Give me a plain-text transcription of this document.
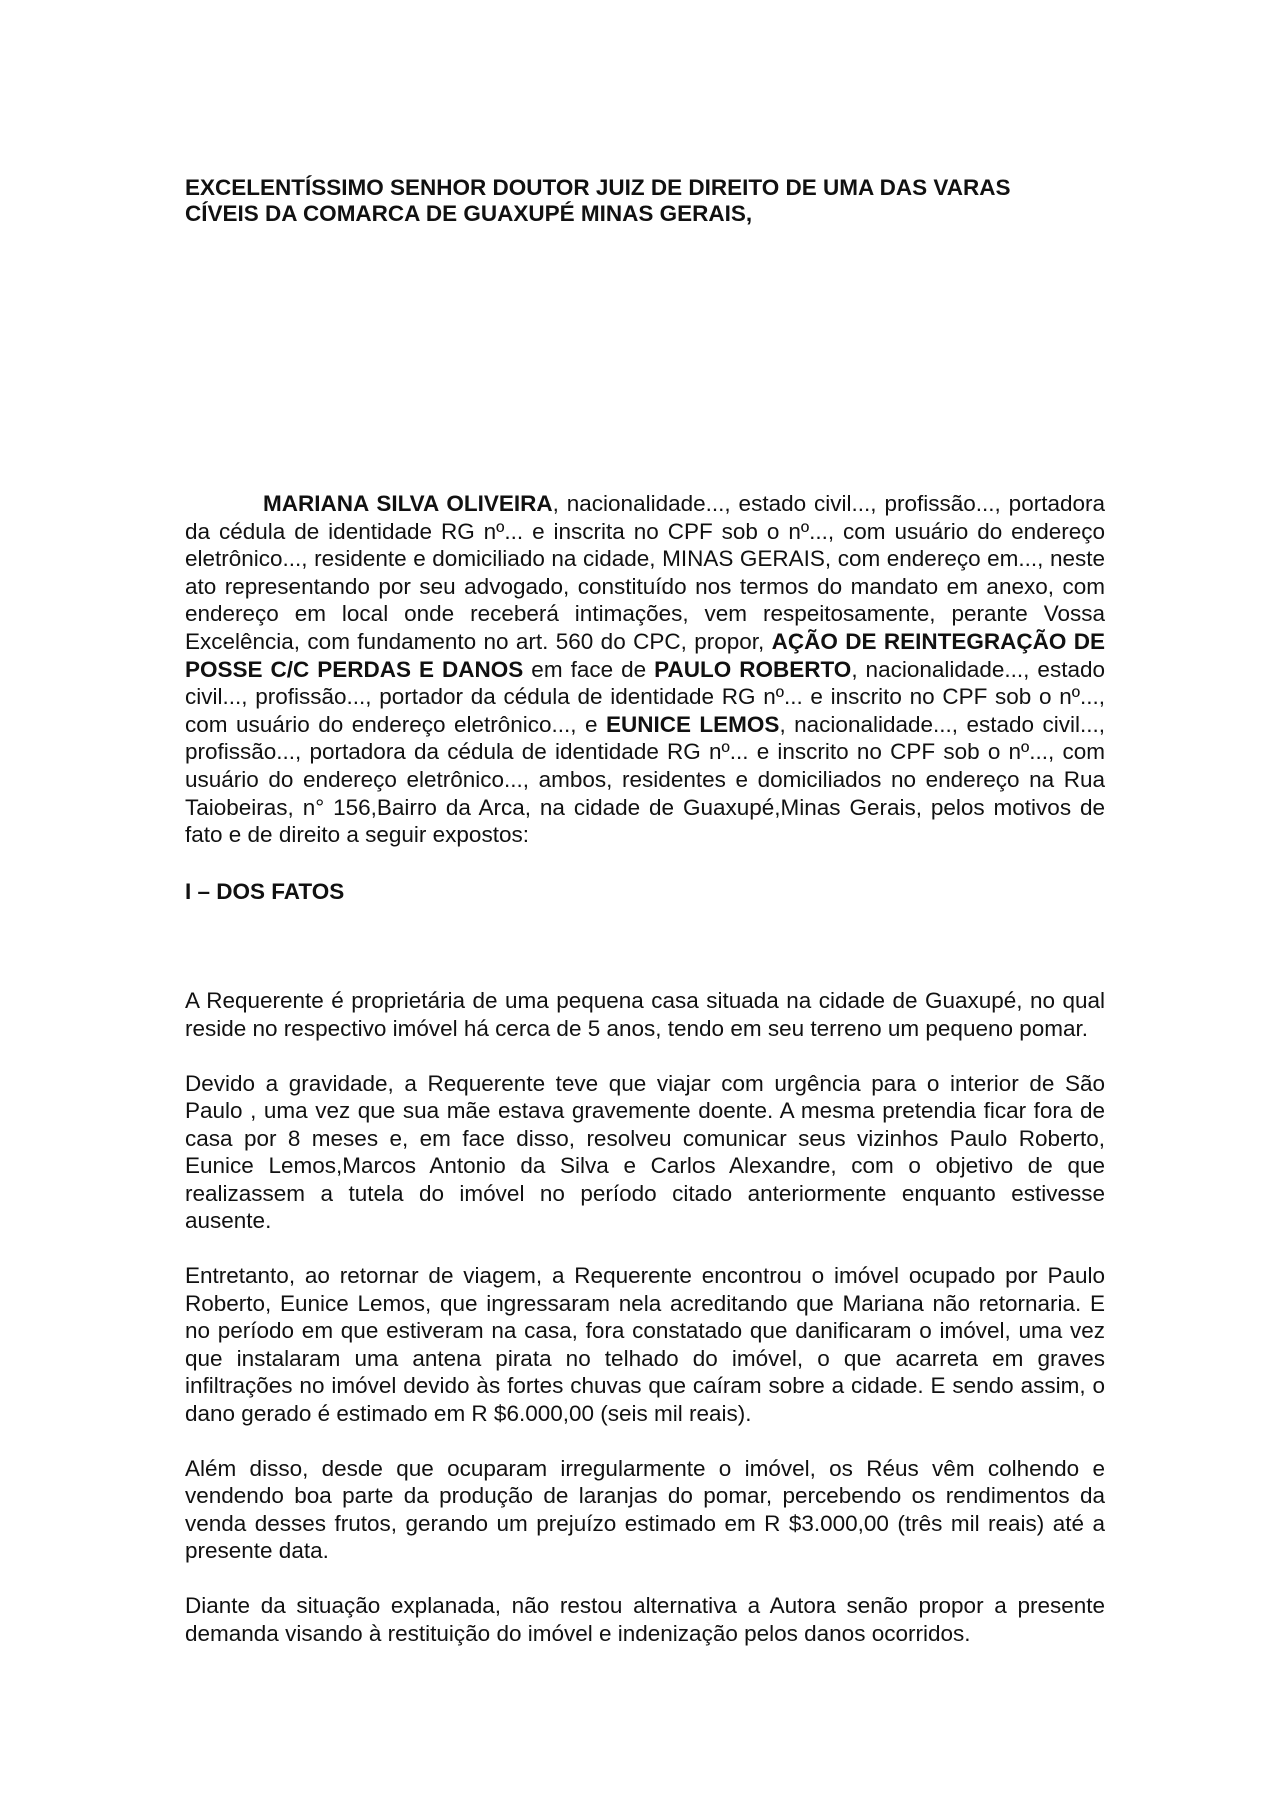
EXCELENTÍSSIMO SENHOR DOUTOR JUIZ DE DIREITO DE UMA DAS VARAS
CÍVEIS DA COMARCA DE GUAXUPÉ MINAS GERAIS,

MARIANA SILVA OLIVEIRA, nacionalidade..., estado civil..., profissão..., portadora da cédula de identidade RG nº... e inscrita no CPF sob o nº..., com usuário do endereço eletrônico..., residente e domiciliado na cidade, MINAS GERAIS, com endereço em..., neste ato representando por seu advogado, constituído nos termos do mandato em anexo, com endereço em local onde receberá intimações, vem respeitosamente, perante Vossa Excelência, com fundamento no art. 560 do CPC, propor, AÇÃO DE REINTEGRAÇÃO DE POSSE C/C PERDAS E DANOS em face de PAULO ROBERTO, nacionalidade..., estado civil..., profissão..., portador da cédula de identidade RG nº... e inscrito no CPF sob o nº..., com usuário do endereço eletrônico..., e EUNICE LEMOS, nacionalidade..., estado civil..., profissão..., portadora da cédula de identidade RG nº... e inscrito no CPF sob o nº..., com usuário do endereço eletrônico..., ambos, residentes e domiciliados no endereço na Rua Taiobeiras, n° 156,Bairro da Arca, na cidade de Guaxupé,Minas Gerais, pelos motivos de fato e de direito a seguir expostos:

I – DOS FATOS

A Requerente é proprietária de uma pequena casa situada na cidade de Guaxupé, no qual reside no respectivo imóvel há cerca de 5 anos, tendo em seu terreno um pequeno pomar.

Devido a gravidade, a Requerente teve que viajar com urgência para o interior de São Paulo , uma vez que sua mãe estava gravemente doente. A mesma pretendia ficar fora de casa por 8 meses e, em face disso, resolveu comunicar seus vizinhos Paulo Roberto, Eunice Lemos,Marcos Antonio da Silva e Carlos Alexandre, com o objetivo de que realizassem a tutela do imóvel no período citado anteriormente enquanto estivesse ausente.

Entretanto, ao retornar de viagem, a Requerente encontrou o imóvel ocupado por Paulo Roberto, Eunice Lemos, que ingressaram nela acreditando que Mariana não retornaria. E no período em que estiveram na casa, fora constatado que danificaram o imóvel, uma vez que instalaram uma antena pirata no telhado do imóvel, o que acarreta em graves infiltrações no imóvel devido às fortes chuvas que caíram sobre a cidade. E sendo assim, o dano gerado é estimado em R $6.000,00 (seis mil reais).

Além disso, desde que ocuparam irregularmente o imóvel, os Réus vêm colhendo e vendendo boa parte da produção de laranjas do pomar, percebendo os rendimentos da venda desses frutos, gerando um prejuízo estimado em R $3.000,00 (três mil reais) até a presente data.

Diante da situação explanada, não restou alternativa a Autora senão propor a presente demanda visando à restituição do imóvel e indenização pelos danos ocorridos.
